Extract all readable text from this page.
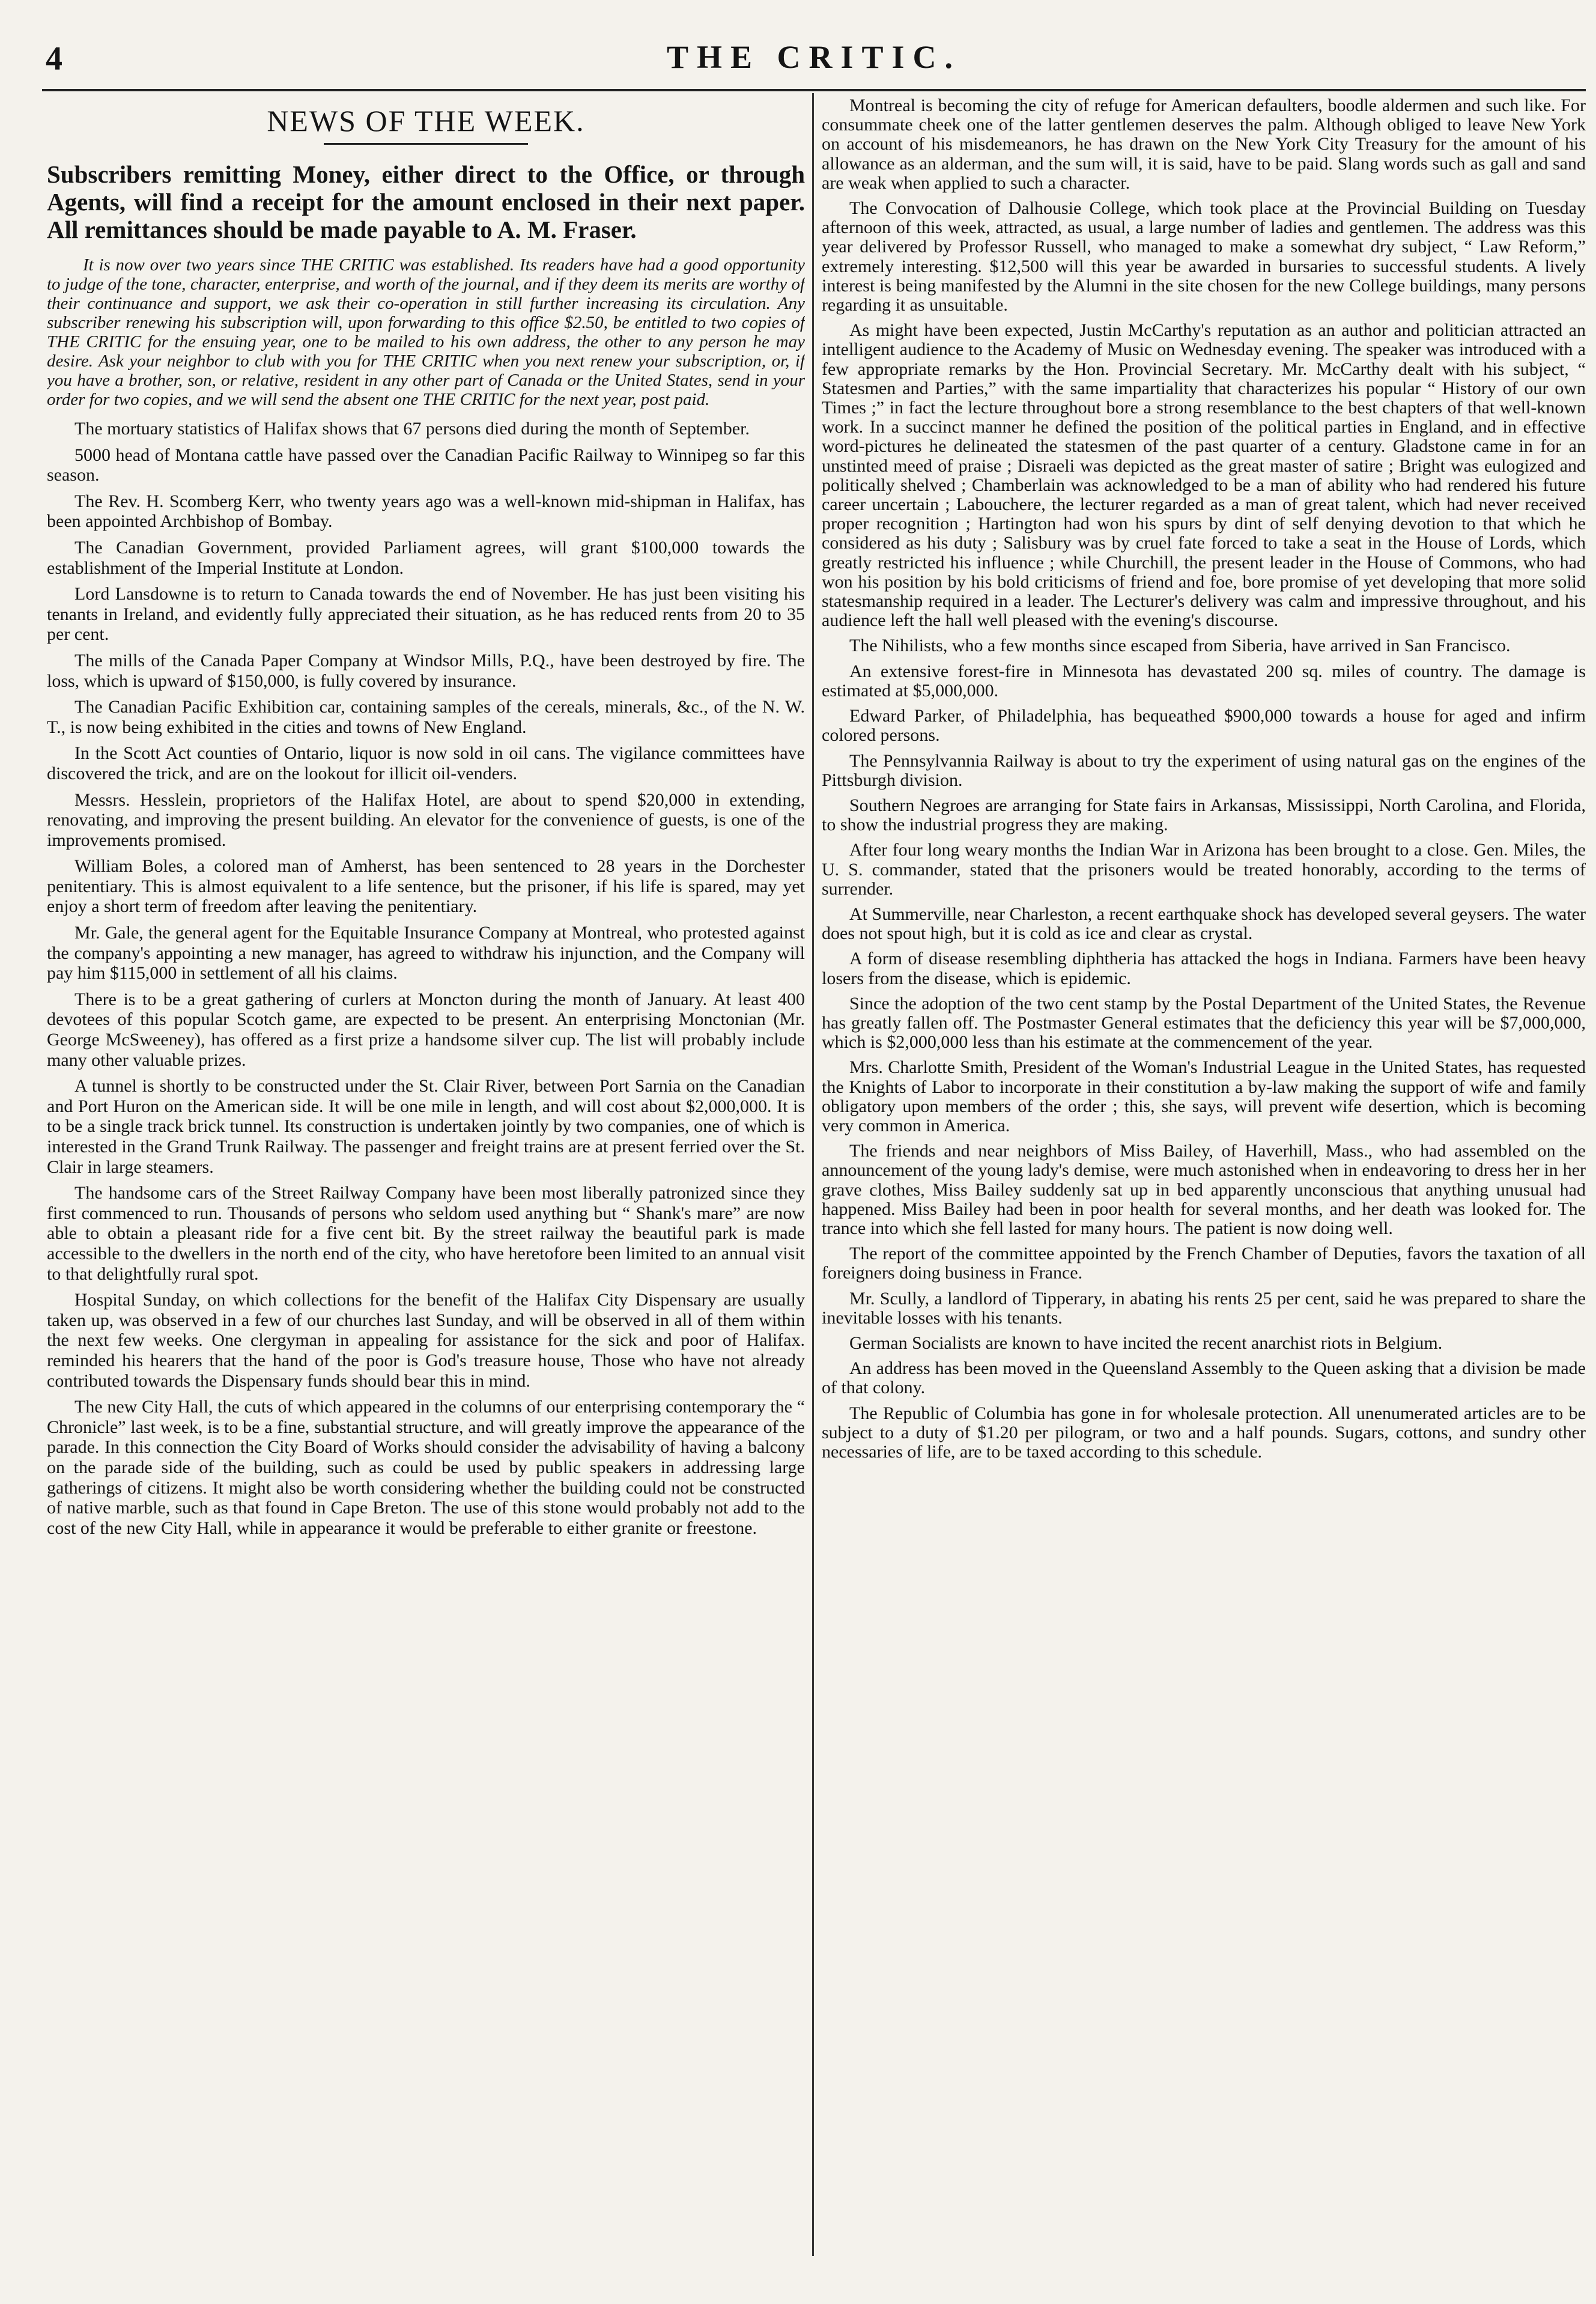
4	THE CRITIC.
NEWS OF THE WEEK.

Subscribers remitting Money, either direct to the Office, or through Agents, will find a receipt for the amount enclosed in their next paper. All remittances should be made payable to A. M. Fraser.

It is now over two years since THE CRITIC was established. Its readers have had a good opportunity to judge of the tone, character, enterprise, and worth of the journal, and if they deem its merits are worthy of their continuance and support, we ask their co-operation in still further increasing its circulation. Any subscriber renewing his subscription will, upon forwarding to this office $2.50, be entitled to two copies of THE CRITIC for the ensuing year, one to be mailed to his own address, the other to any person he may desire. Ask your neighbor to club with you for THE CRITIC when you next renew your subscription, or, if you have a brother, son, or relative, resident in any other part of Canada or the United States, send in your order for two copies, and we will send the absent one THE CRITIC for the next year, post paid.

The mortuary statistics of Halifax shows that 67 persons died during the month of September.

5000 head of Montana cattle have passed over the Canadian Pacific Railway to Winnipeg so far this season.

The Rev. H. Scomberg Kerr, who twenty years ago was a well-known mid-shipman in Halifax, has been appointed Archbishop of Bombay.

The Canadian Government, provided Parliament agrees, will grant $100,000 towards the establishment of the Imperial Institute at London.

Lord Lansdowne is to return to Canada towards the end of November. He has just been visiting his tenants in Ireland, and evidently fully appreciated their situation, as he has reduced rents from 20 to 35 per cent.

The mills of the Canada Paper Company at Windsor Mills, P.Q., have been destroyed by fire. The loss, which is upward of $150,000, is fully covered by insurance.

The Canadian Pacific Exhibition car, containing samples of the cereals, minerals, &c., of the N. W. T., is now being exhibited in the cities and towns of New England.

In the Scott Act counties of Ontario, liquor is now sold in oil cans. The vigilance committees have discovered the trick, and are on the lookout for illicit oil-venders.

Messrs. Hesslein, proprietors of the Halifax Hotel, are about to spend $20,000 in extending, renovating, and improving the present building. An elevator for the convenience of guests, is one of the improvements promised.

William Boles, a colored man of Amherst, has been sentenced to 28 years in the Dorchester penitentiary. This is almost equivalent to a life sentence, but the prisoner, if his life is spared, may yet enjoy a short term of freedom after leaving the penitentiary.

Mr. Gale, the general agent for the Equitable Insurance Company at Montreal, who protested against the company's appointing a new manager, has agreed to withdraw his injunction, and the Company will pay him $115,000 in settlement of all his claims.

There is to be a great gathering of curlers at Moncton during the month of January. At least 400 devotees of this popular Scotch game, are expected to be present. An enterprising Monctonian (Mr. George McSweeney), has offered as a first prize a handsome silver cup. The list will probably include many other valuable prizes.

A tunnel is shortly to be constructed under the St. Clair River, between Port Sarnia on the Canadian and Port Huron on the American side. It will be one mile in length, and will cost about $2,000,000. It is to be a single track brick tunnel. Its construction is undertaken jointly by two companies, one of which is interested in the Grand Trunk Railway. The passenger and freight trains are at present ferried over the St. Clair in large steamers.

The handsome cars of the Street Railway Company have been most liberally patronized since they first commenced to run. Thousands of persons who seldom used anything but “ Shank's mare” are now able to obtain a pleasant ride for a five cent bit. By the street railway the beautiful park is made accessible to the dwellers in the north end of the city, who have heretofore been limited to an annual visit to that delightfully rural spot.

Hospital Sunday, on which collections for the benefit of the Halifax City Dispensary are usually taken up, was observed in a few of our churches last Sunday, and will be observed in all of them within the next few weeks. One clergyman in appealing for assistance for the sick and poor of Halifax. reminded his hearers that the hand of the poor is God's treasure house, Those who have not already contributed towards the Dispensary funds should bear this in mind.

The new City Hall, the cuts of which appeared in the columns of our enterprising contemporary the “ Chronicle” last week, is to be a fine, substantial structure, and will greatly improve the appearance of the parade. In this connection the City Board of Works should consider the advisability of having a balcony on the parade side of the building, such as could be used by public speakers in addressing large gatherings of citizens. It might also be worth considering whether the building could not be constructed of native marble, such as that found in Cape Breton. The use of this stone would probably not add to the cost of the new City Hall, while in appearance it would be preferable to either granite or freestone.

Montreal is becoming the city of refuge for American defaulters, boodle aldermen and such like. For consummate cheek one of the latter gentlemen deserves the palm. Although obliged to leave New York on account of his misdemeanors, he has drawn on the New York City Treasury for the amount of his allowance as an alderman, and the sum will, it is said, have to be paid. Slang words such as gall and sand are weak when applied to such a character.

The Convocation of Dalhousie College, which took place at the Provincial Building on Tuesday afternoon of this week, attracted, as usual, a large number of ladies and gentlemen. The address was this year delivered by Professor Russell, who managed to make a somewhat dry subject, “ Law Reform,” extremely interesting. $12,500 will this year be awarded in bursaries to successful students. A lively interest is being manifested by the Alumni in the site chosen for the new College buildings, many persons regarding it as unsuitable.

As might have been expected, Justin McCarthy's reputation as an author and politician attracted an intelligent audience to the Academy of Music on Wednesday evening. The speaker was introduced with a few appropriate remarks by the Hon. Provincial Secretary. Mr. McCarthy dealt with his subject, “ Statesmen and Parties,” with the same impartiality that characterizes his popular “ History of our own Times ;” in fact the lecture throughout bore a strong resemblance to the best chapters of that well-known work. In a succinct manner he defined the position of the political parties in England, and in effective word-pictures he delineated the statesmen of the past quarter of a century. Gladstone came in for an unstinted meed of praise ; Disraeli was depicted as the great master of satire ; Bright was eulogized and politically shelved ; Chamberlain was acknowledged to be a man of ability who had rendered his future career uncertain ; Labouchere, the lecturer regarded as a man of great talent, which had never received proper recognition ; Hartington had won his spurs by dint of self denying devotion to that which he considered as his duty ; Salisbury was by cruel fate forced to take a seat in the House of Lords, which greatly restricted his influence ; while Churchill, the present leader in the House of Commons, who had won his position by his bold criticisms of friend and foe, bore promise of yet developing that more solid statesmanship required in a leader. The Lecturer's delivery was calm and impressive throughout, and his audience left the hall well pleased with the evening's discourse.

The Nihilists, who a few months since escaped from Siberia, have arrived in San Francisco.

An extensive forest-fire in Minnesota has devastated 200 sq. miles of country. The damage is estimated at $5,000,000.

Edward Parker, of Philadelphia, has bequeathed $900,000 towards a house for aged and infirm colored persons.

The Pennsylvannia Railway is about to try the experiment of using natural gas on the engines of the Pittsburgh division.

Southern Negroes are arranging for State fairs in Arkansas, Mississippi, North Carolina, and Florida, to show the industrial progress they are making.

After four long weary months the Indian War in Arizona has been brought to a close. Gen. Miles, the U. S. commander, stated that the prisoners would be treated honorably, according to the terms of surrender.

At Summerville, near Charleston, a recent earthquake shock has developed several geysers. The water does not spout high, but it is cold as ice and clear as crystal.

A form of disease resembling diphtheria has attacked the hogs in Indiana. Farmers have been heavy losers from the disease, which is epidemic.

Since the adoption of the two cent stamp by the Postal Department of the United States, the Revenue has greatly fallen off. The Postmaster General estimates that the deficiency this year will be $7,000,000, which is $2,000,000 less than his estimate at the commencement of the year.

Mrs. Charlotte Smith, President of the Woman's Industrial League in the United States, has requested the Knights of Labor to incorporate in their constitution a by-law making the support of wife and family obligatory upon members of the order ; this, she says, will prevent wife desertion, which is becoming very common in America.

The friends and near neighbors of Miss Bailey, of Haverhill, Mass., who had assembled on the announcement of the young lady's demise, were much astonished when in endeavoring to dress her in her grave clothes, Miss Bailey suddenly sat up in bed apparently unconscious that anything unusual had happened. Miss Bailey had been in poor health for several months, and her death was looked for. The trance into which she fell lasted for many hours. The patient is now doing well.

The report of the committee appointed by the French Chamber of Deputies, favors the taxation of all foreigners doing business in France.

Mr. Scully, a landlord of Tipperary, in abating his rents 25 per cent, said he was prepared to share the inevitable losses with his tenants.

German Socialists are known to have incited the recent anarchist riots in Belgium.

An address has been moved in the Queensland Assembly to the Queen asking that a division be made of that colony.

The Republic of Columbia has gone in for wholesale protection. All unenumerated articles are to be subject to a duty of $1.20 per pilogram, or two and a half pounds. Sugars, cottons, and sundry other necessaries of life, are to be taxed according to this schedule.
